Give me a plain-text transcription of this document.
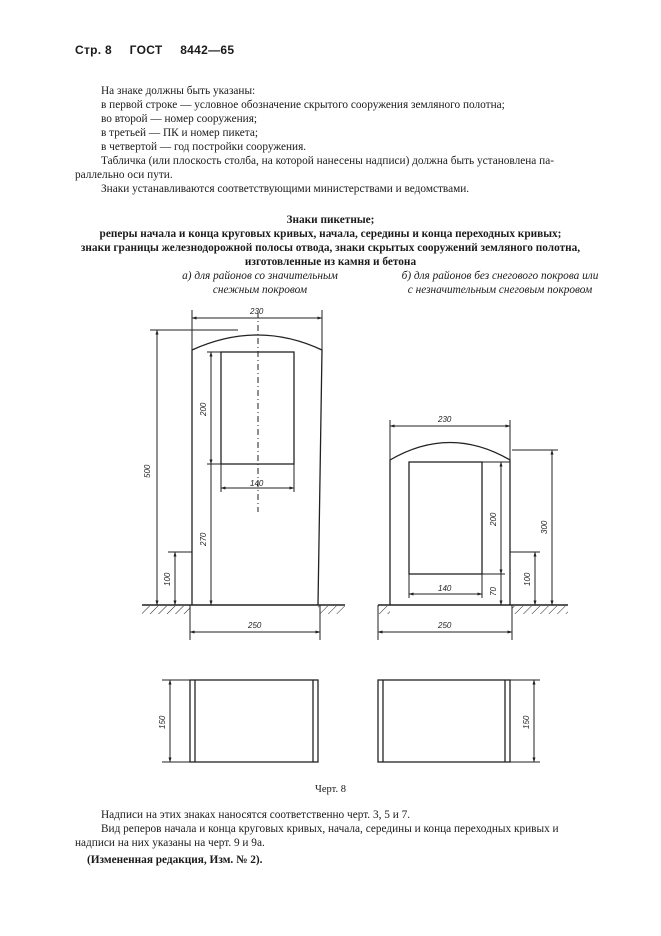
Стр. 8 ГОСТ 8442—65
На знаке должны быть указаны:
в первой строке — условное обозначение скрытого сооружения земляного полотна;
во второй — номер сооружения;
в третьей — ПК и номер пикета;
в четвертой — год постройки сооружения.
Табличка (или плоскость столба, на которой нанесены надписи) должна быть установлена па-
раллельно оси пути.
Знаки устанавливаются соответствующими министерствами и ведомствами.
Знаки пикетные;
реперы начала и конца круговых кривых, начала, середины и конца переходных кривых;
знаки границы железнодорожной полосы отвода, знаки скрытых сооружений земляного полотна,
изготовленные из камня и бетона
а) для районов со значительным
снежным покровом
б) для районов без снегового покрова или
с незначительным снеговым покровом
230
500
200
270
140
100
250
150
230
300
200
140	70
100
250
150
Черт. 8
Надписи на этих знаках наносятся соответственно черт. 3, 5 и 7.
Вид реперов начала и конца круговых кривых, начала, середины и конца переходных кривых и
надписи на них указаны на черт. 9 и 9а.
(Измененная редакция, Изм. № 2).
